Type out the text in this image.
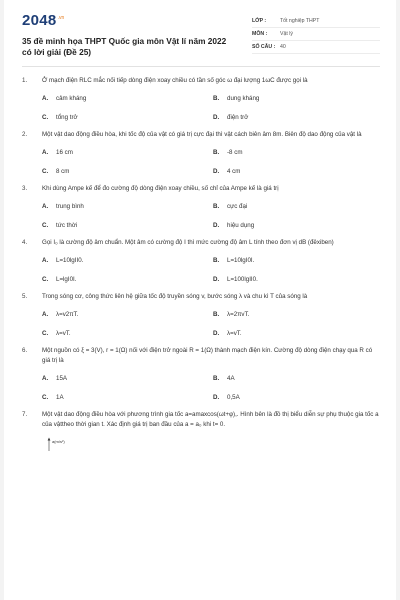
$2048^{.vn}$
35 đề minh họa THPT Quốc gia môn Vật lí năm 2022 có lời giải (Đề 25)
LỚP :	Tốt nghiệp THPT
MÔN :	Vật lý
SỐ CÂU : 40
1.	Ở mạch điện RLC mắc nối tiếp dòng điện xoay chiều có tần số góc ω đại lượng 1ωC được gọi là
A.	cảm kháng	B.	dung kháng
C.	tổng trở	D.	điện trở
2.	Một vật dao động điều hòa, khi tốc độ của vật có giá trị cực đại thì vật cách biên âm 8m. Biên độ dao động của vật là
A.	16 cm	B.	-8 cm
C.	8 cm	D.	4 cm
3.	Khi dùng Ampe kế để đo cường độ dòng điện xoay chiều, số chỉ của Ampe kế là giá trị
A.	trung bình	B.	cực đại
C.	tức thời	D.	hiệu dụng
4.	Gọi I₀ là cường độ âm chuẩn. Một âm có cường độ I thì mức cường độ âm L tính theo đơn vị dB (đêxiben)
A.	L=10lgII0.	B.	L=10lgI0I.
C.	L=lgI0I.	D.	L=100lgII0.
5.	Trong sóng cơ, công thức liên hệ giữa tốc độ truyền sóng v, bước sóng λ và chu kì T của sóng là
A.	λ=v2πT.	B.	λ=2πvT.
C.	λ=vT.	D.	λ=vT.
6.	Một nguồn có ξ = 3(V), r = 1(Ω) nối với điện trở ngoài R = 1(Ω) thành mạch điện kín. Cường độ dòng điện chạy qua R có giá trị là
A.	15A	B.	4A
C.	1A	D.	0,5A
7.	Một vật dao động điều hòa với phương trình gia tốc a=amaxcos(ωt+φ),. Hình bên là đồ thị biểu diễn sự phụ thuộc gia tốc a của vậttheo thời gian t. Xác định giá trị ban đầu của a = a₀ khi t= 0.
a(m/s²)
